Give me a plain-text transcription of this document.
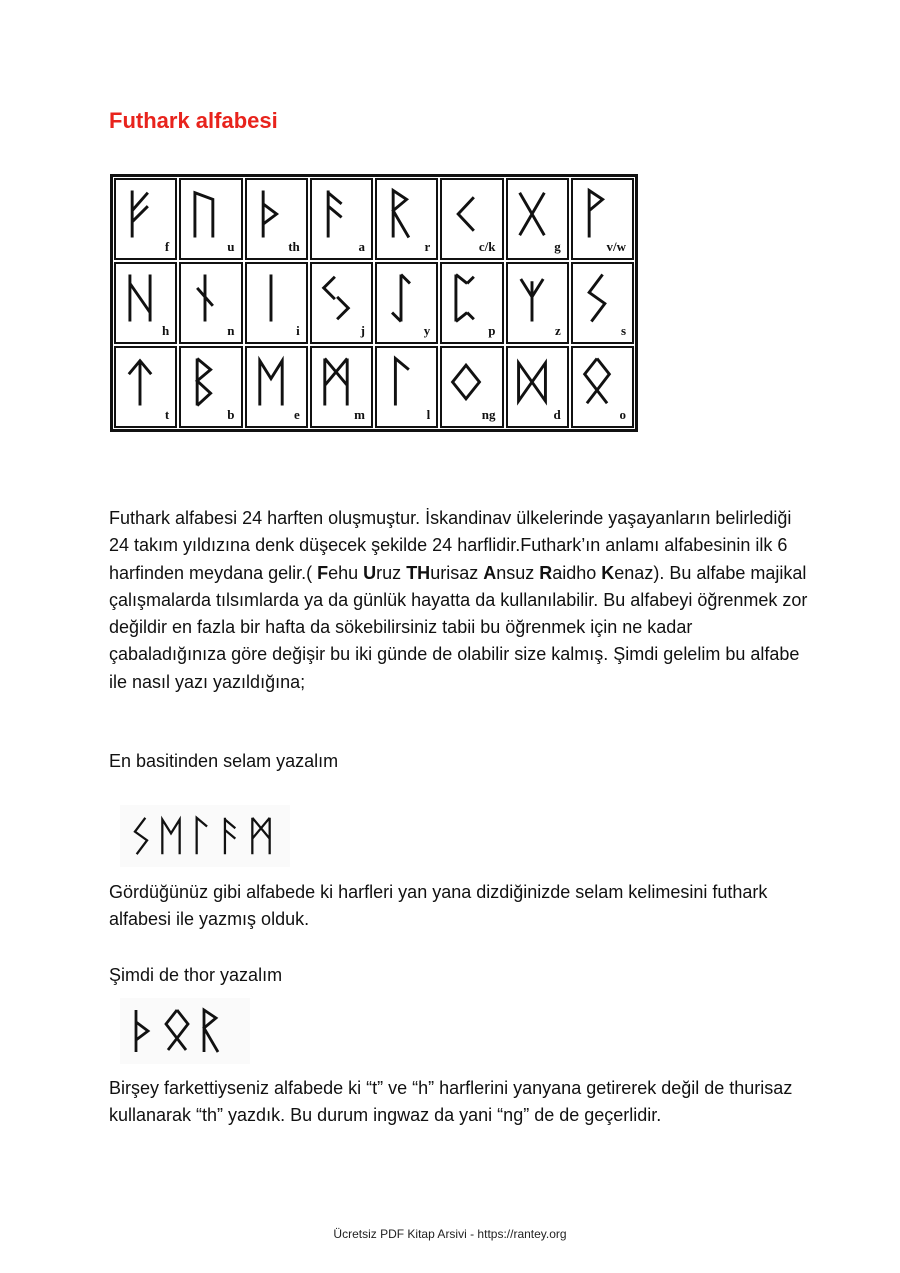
Futhark alfabesi
f	u	th	a	r	c/k	g	v/w
h	n	i	j	y	p	z	s
t	b	e	m	l	ng	d	o

Futhark alfabesi 24 harften oluşmuştur. İskandinav ülkelerinde yaşayanların belirlediği 24 takım yıldızına denk düşecek şekilde 24 harflidir.Futhark’ın anlamı alfabesinin ilk 6 harfinden meydana gelir.( Fehu Uruz THurisaz Ansuz Raidho Kenaz). Bu alfabe majikal çalışmalarda tılsımlarda ya da günlük hayatta da kullanılabilir. Bu alfabeyi öğrenmek zor değildir en fazla bir hafta da sökebilirsiniz tabii bu öğrenmek için ne kadar çabaladığınıza göre değişir bu iki günde de olabilir size kalmış. Şimdi gelelim bu alfabe ile nasıl yazı yazıldığına;

En basitinden selam yazalım

Gördüğünüz gibi alfabede ki harfleri yan yana dizdiğinizde selam kelimesini futhark alfabesi ile yazmış olduk.

Şimdi de thor yazalım

Birşey farkettiyseniz alfabede ki “t” ve “h” harflerini yanyana getirerek değil de thurisaz kullanarak “th” yazdık. Bu durum ingwaz da yani “ng” de de geçerlidir.

Ücretsiz PDF Kitap Arsivi - https://rantey.org
